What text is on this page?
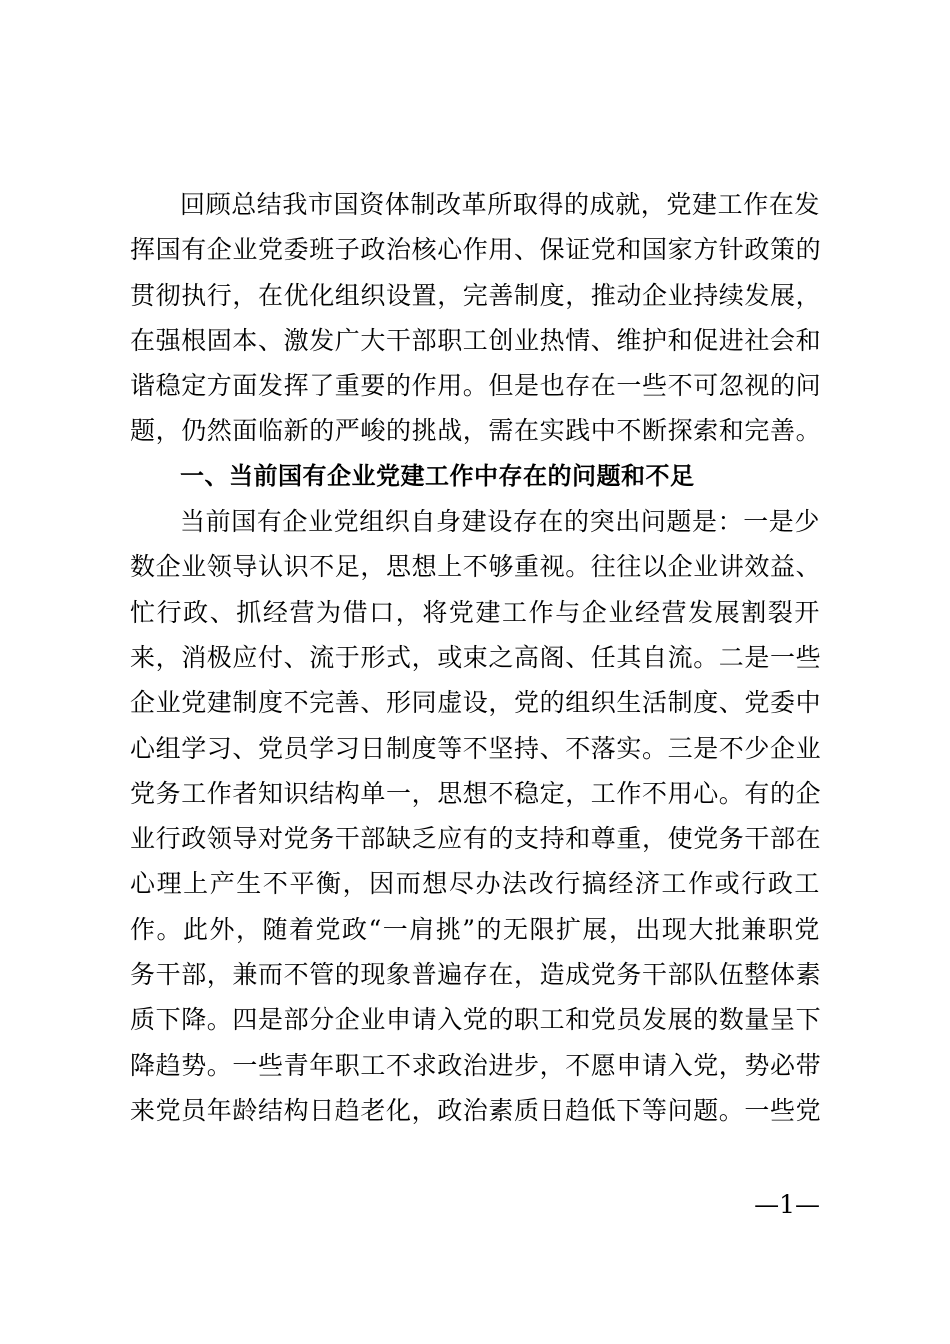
回顾总结我市国资体制改革所取得的成就，党建工作在发
挥国有企业党委班子政治核心作用、保证党和国家方针政策的
贯彻执行，在优化组织设置，完善制度，推动企业持续发展，
在强根固本、激发广大干部职工创业热情、维护和促进社会和
谐稳定方面发挥了重要的作用。但是也存在一些不可忽视的问
题，仍然面临新的严峻的挑战，需在实践中不断探索和完善。
一、当前国有企业党建工作中存在的问题和不足
当前国有企业党组织自身建设存在的突出问题是：一是少
数企业领导认识不足，思想上不够重视。往往以企业讲效益、
忙行政、抓经营为借口，将党建工作与企业经营发展割裂开
来，消极应付、流于形式，或束之高阁、任其自流。二是一些
企业党建制度不完善、形同虚设，党的组织生活制度、党委中
心组学习、党员学习日制度等不坚持、不落实。三是不少企业
党务工作者知识结构单一，思想不稳定，工作不用心。有的企
业行政领导对党务干部缺乏应有的支持和尊重，使党务干部在
心理上产生不平衡，因而想尽办法改行搞经济工作或行政工
作。此外，随着党政“一肩挑”的无限扩展，出现大批兼职党
务干部，兼而不管的现象普遍存在，造成党务干部队伍整体素
质下降。四是部分企业申请入党的职工和党员发展的数量呈下
降趋势。一些青年职工不求政治进步，不愿申请入党，势必带
来党员年龄结构日趋老化，政治素质日趋低下等问题。一些党
—1—
